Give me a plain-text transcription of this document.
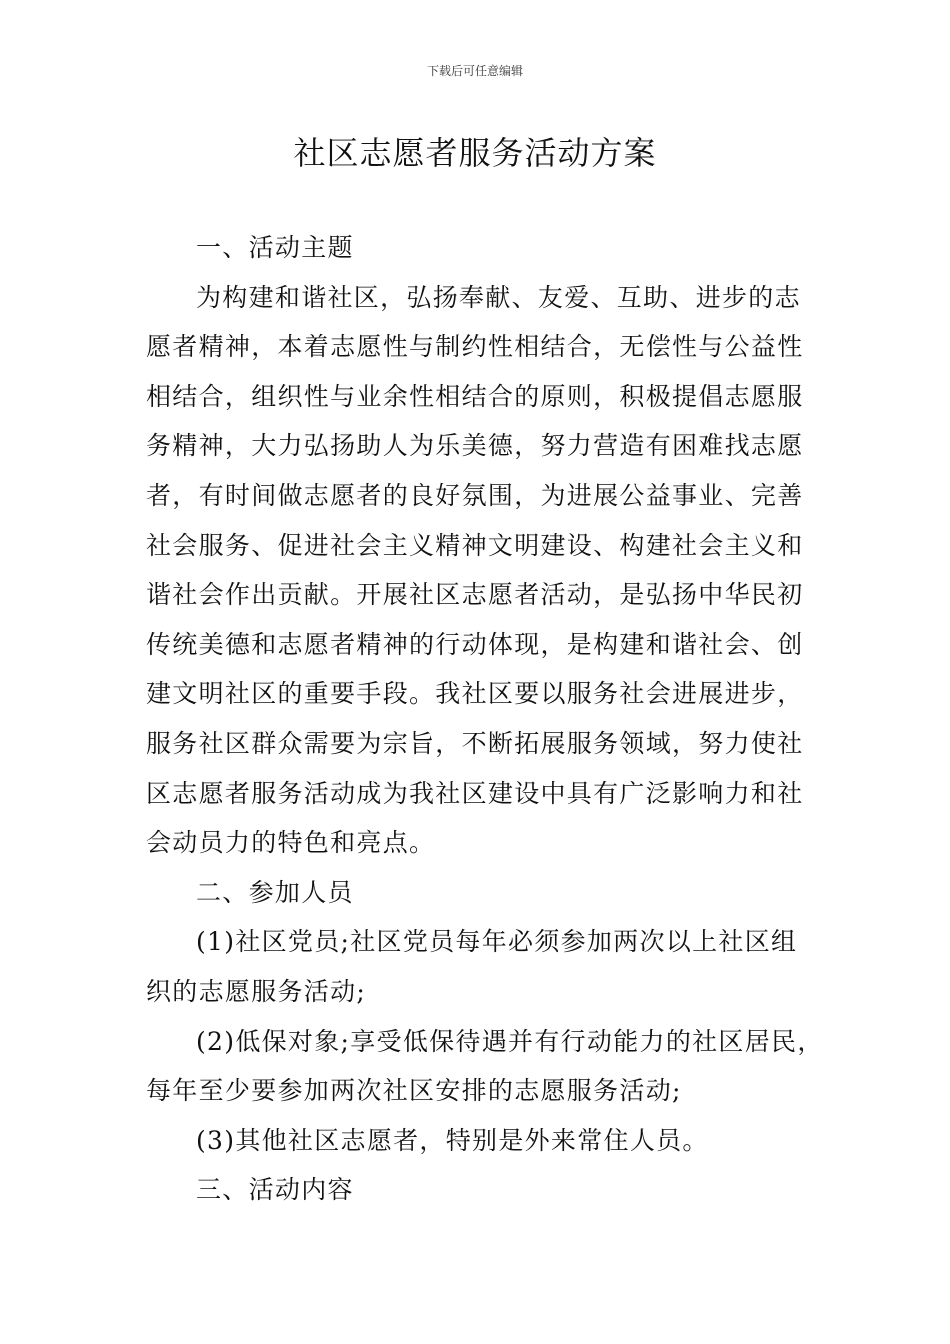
下载后可任意编辑
社区志愿者服务活动方案

一、活动主题

为构建和谐社区，弘扬奉献、友爱、互助、进步的志
愿者精神，本着志愿性与制约性相结合，无偿性与公益性
相结合，组织性与业余性相结合的原则，积极提倡志愿服
务精神，大力弘扬助人为乐美德，努力营造有困难找志愿
者，有时间做志愿者的良好氛围，为进展公益事业、完善
社会服务、促进社会主义精神文明建设、构建社会主义和
谐社会作出贡献。开展社区志愿者活动，是弘扬中华民初
传统美德和志愿者精神的行动体现，是构建和谐社会、创
建文明社区的重要手段。我社区要以服务社会进展进步，
服务社区群众需要为宗旨，不断拓展服务领域，努力使社
区志愿者服务活动成为我社区建设中具有广泛影响力和社
会动员力的特色和亮点。

二、参加人员

(1)社区党员;社区党员每年必须参加两次以上社区组
织的志愿服务活动;

(2)低保对象;享受低保待遇并有行动能力的社区居民，
每年至少要参加两次社区安排的志愿服务活动;

(3)其他社区志愿者，特别是外来常住人员。

三、活动内容
